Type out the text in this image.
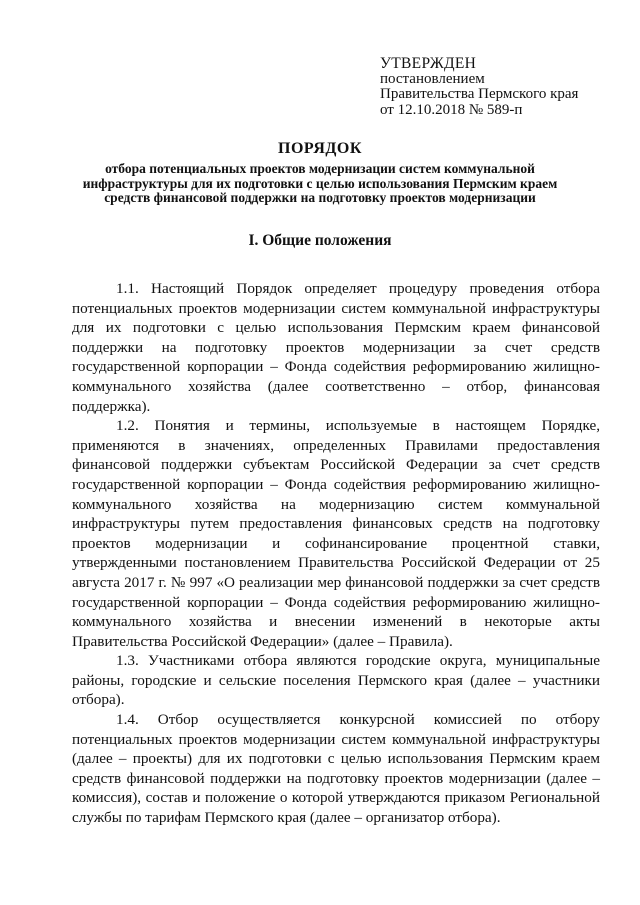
УТВЕРЖДЕН
постановлением
Правительства Пермского края
от 12.10.2018 № 589-п
ПОРЯДОК
отбора потенциальных проектов модернизации систем коммунальной инфраструктуры для их подготовки с целью использования Пермским краем средств финансовой поддержки на подготовку проектов модернизации
I. Общие положения

1.1. Настоящий Порядок определяет процедуру проведения отбора потенциальных проектов модернизации систем коммунальной инфраструктуры для их подготовки с целью использования Пермским краем финансовой поддержки на подготовку проектов модернизации за счет средств государственной корпорации – Фонда содействия реформированию жилищно-коммунального хозяйства (далее соответственно – отбор, финансовая поддержка).

1.2. Понятия и термины, используемые в настоящем Порядке, применяются в значениях, определенных Правилами предоставления финансовой поддержки субъектам Российской Федерации за счет средств государственной корпорации – Фонда содействия реформированию жилищно-коммунального хозяйства на модернизацию систем коммунальной инфраструктуры путем предоставления финансовых средств на подготовку проектов модернизации и софинансирование процентной ставки, утвержденными постановлением Правительства Российской Федерации от 25 августа 2017 г. № 997 «О реализации мер финансовой поддержки за счет средств государственной корпорации – Фонда содействия реформированию жилищно-коммунального хозяйства и внесении изменений в некоторые акты Правительства Российской Федерации» (далее – Правила).

1.3. Участниками отбора являются городские округа, муниципальные районы, городские и сельские поселения Пермского края (далее – участники отбора).

1.4. Отбор осуществляется конкурсной комиссией по отбору потенциальных проектов модернизации систем коммунальной инфраструктуры (далее – проекты) для их подготовки с целью использования Пермским краем средств финансовой поддержки на подготовку проектов модернизации (далее – комиссия), состав и положение о которой утверждаются приказом Региональной службы по тарифам Пермского края (далее – организатор отбора).
